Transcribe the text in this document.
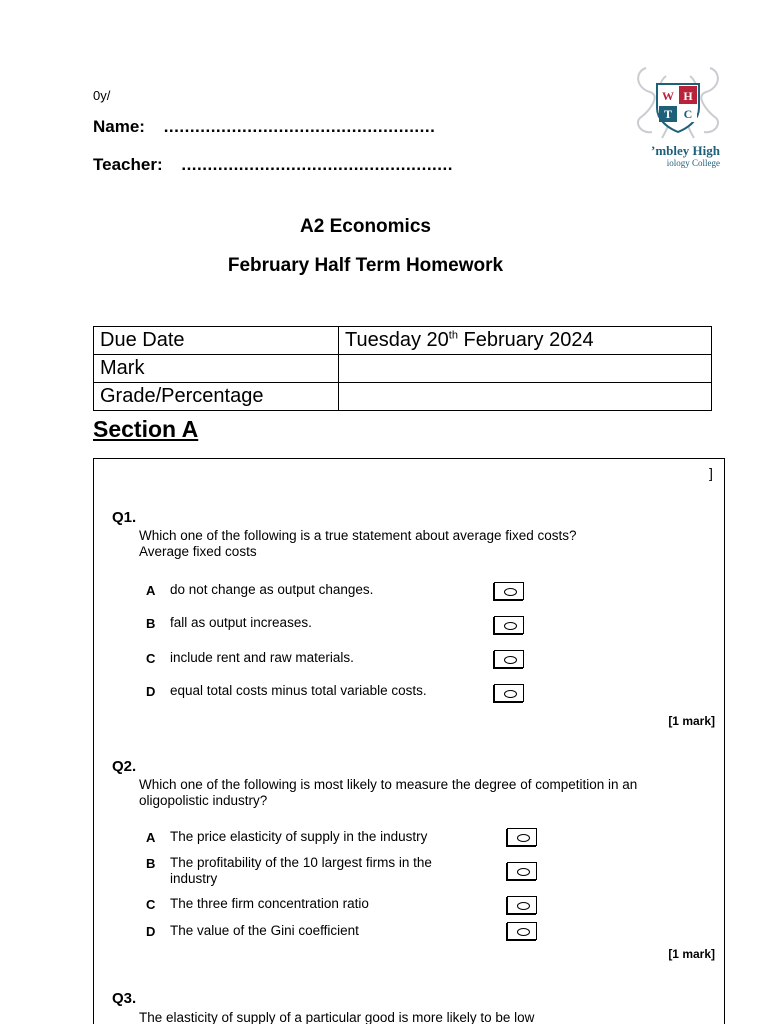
0y/
Name: ....................................................
Teacher: ....................................................
W H
T C
’mbley High
iology College
A2 Economics
February Half Term Homework
Due Date	Tuesday 20th February 2024
Mark	
Grade/Percentage	
Section A
]
Q1.
Which one of the following is a true statement about average fixed costs?
Average fixed costs
A do not change as output changes.
B fall as output increases.
C include rent and raw materials.
D equal total costs minus total variable costs.
[1 mark]
Q2.
Which one of the following is most likely to measure the degree of competition in an oligopolistic industry?
A The price elasticity of supply in the industry
B The profitability of the 10 largest firms in the industry
C The three firm concentration ratio
D The value of the Gini coefficient
[1 mark]
Q3.
The elasticity of supply of a particular good is more likely to be low
